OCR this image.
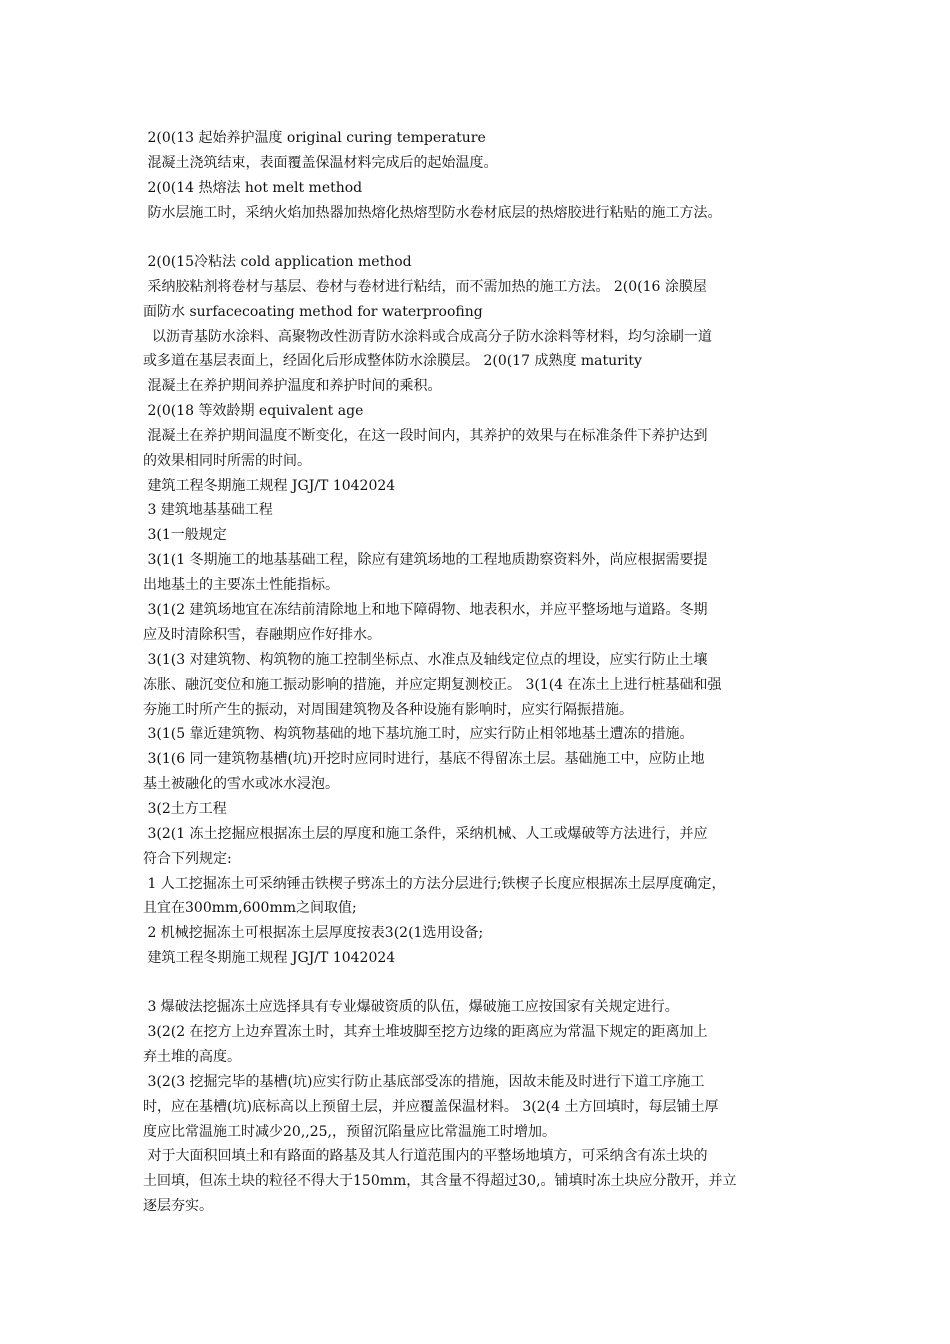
2(0(13 起始养护温度 original curing temperature
混凝土浇筑结束，表面覆盖保温材料完成后的起始温度。
2(0(14 热熔法 hot melt method
防水层施工时，采纳火焰加热器加热熔化热熔型防水卷材底层的热熔胶进行粘贴的施工方法。
2(0(15冷粘法 cold application method
采纳胶粘剂将卷材与基层、卷材与卷材进行粘结，而不需加热的施工方法。 2(0(16 涂膜屋
面防水 surfacecoating method for waterproofing
以沥青基防水涂料、高聚物改性沥青防水涂料或合成高分子防水涂料等材料，均匀涂刷一道
或多道在基层表面上，经固化后形成整体防水涂膜层。 2(0(17 成熟度 maturity
混凝土在养护期间养护温度和养护时间的乘积。
2(0(18 等效龄期 equivalent age
混凝土在养护期间温度不断变化，在这一段时间内，其养护的效果与在标准条件下养护达到
的效果相同时所需的时间。
建筑工程冬期施工规程 JGJ/T 1042024
3 建筑地基基础工程
3(1一般规定
3(1(1 冬期施工的地基基础工程，除应有建筑场地的工程地质勘察资料外，尚应根据需要提
出地基土的主要冻土性能指标。
3(1(2 建筑场地宜在冻结前清除地上和地下障碍物、地表积水，并应平整场地与道路。冬期
应及时清除积雪，春融期应作好排水。
3(1(3 对建筑物、构筑物的施工控制坐标点、水准点及轴线定位点的埋设，应实行防止土壤
冻胀、融沉变位和施工振动影响的措施，并应定期复测校正。 3(1(4 在冻土上进行桩基础和强
夯施工时所产生的振动，对周围建筑物及各种设施有影响时，应实行隔振措施。
3(1(5 靠近建筑物、构筑物基础的地下基坑施工时，应实行防止相邻地基土遭冻的措施。
3(1(6 同一建筑物基槽(坑)开挖时应同时进行，基底不得留冻土层。基础施工中，应防止地
基土被融化的雪水或冰水浸泡。
3(2土方工程
3(2(1 冻土挖掘应根据冻土层的厚度和施工条件，采纳机械、人工或爆破等方法进行，并应
符合下列规定:
1 人工挖掘冻土可采纳锤击铁楔子劈冻土的方法分层进行;铁楔子长度应根据冻土层厚度确定，
且宜在300mm,600mm之间取值;
2 机械挖掘冻土可根据冻土层厚度按表3(2(1选用设备;
建筑工程冬期施工规程 JGJ/T 1042024
3 爆破法挖掘冻土应选择具有专业爆破资质的队伍，爆破施工应按国家有关规定进行。
3(2(2 在挖方上边弃置冻土时，其弃土堆坡脚至挖方边缘的距离应为常温下规定的距离加上
弃土堆的高度。
3(2(3 挖掘完毕的基槽(坑)应实行防止基底部受冻的措施，因故未能及时进行下道工序施工
时，应在基槽(坑)底标高以上预留土层，并应覆盖保温材料。 3(2(4 土方回填时，每层铺土厚
度应比常温施工时减少20,,25,，预留沉陷量应比常温施工时增加。
对于大面积回填土和有路面的路基及其人行道范围内的平整场地填方，可采纳含有冻土块的
土回填，但冻土块的粒径不得大于150mm，其含量不得超过30,。铺填时冻土块应分散开，并立
逐层夯实。
